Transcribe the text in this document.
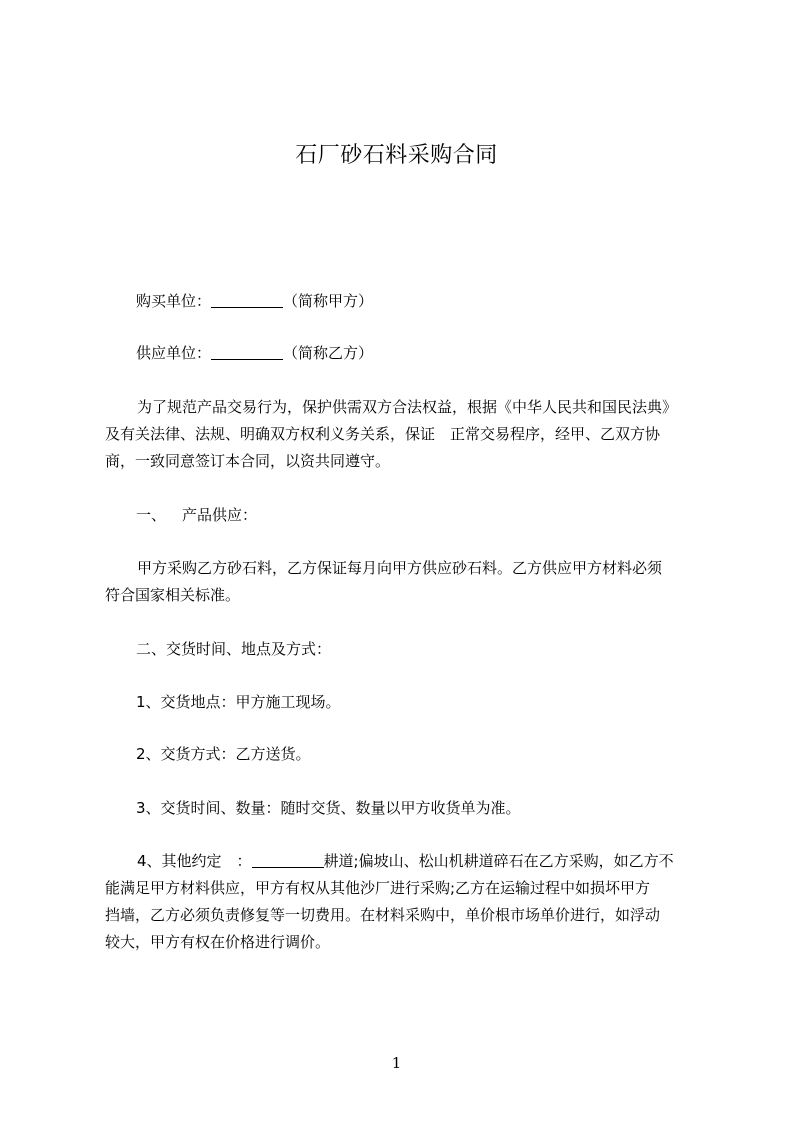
石厂砂石料采购合同

购买单位：	（简称甲方）

供应单位：	（简称乙方）

为了规范产品交易行为，保护供需双方合法权益，根据《中华人民共和国民法典》
及有关法律、法规、明确双方权利义务关系，保证　正常交易程序，经甲、乙双方协
商，一致同意签订本合同，以资共同遵守。

一、 产品供应：

甲方采购乙方砂石料，乙方保证每月向甲方供应砂石料。乙方供应甲方材料必须
符合国家相关标准。

二、交货时间、地点及方式：

1、交货地点：甲方施工现场。

2、交货方式：乙方送货。

3、交货时间、数量：随时交货、数量以甲方收货单为准。

4、其他约定　：	耕道;偏坡山、松山机耕道碎石在乙方采购，如乙方不
能满足甲方材料供应，甲方有权从其他沙厂进行采购;乙方在运输过程中如损坏甲方
挡墙，乙方必须负责修复等一切费用。在材料采购中，单价根市场单价进行，如浮动
较大，甲方有权在价格进行调价。
1
